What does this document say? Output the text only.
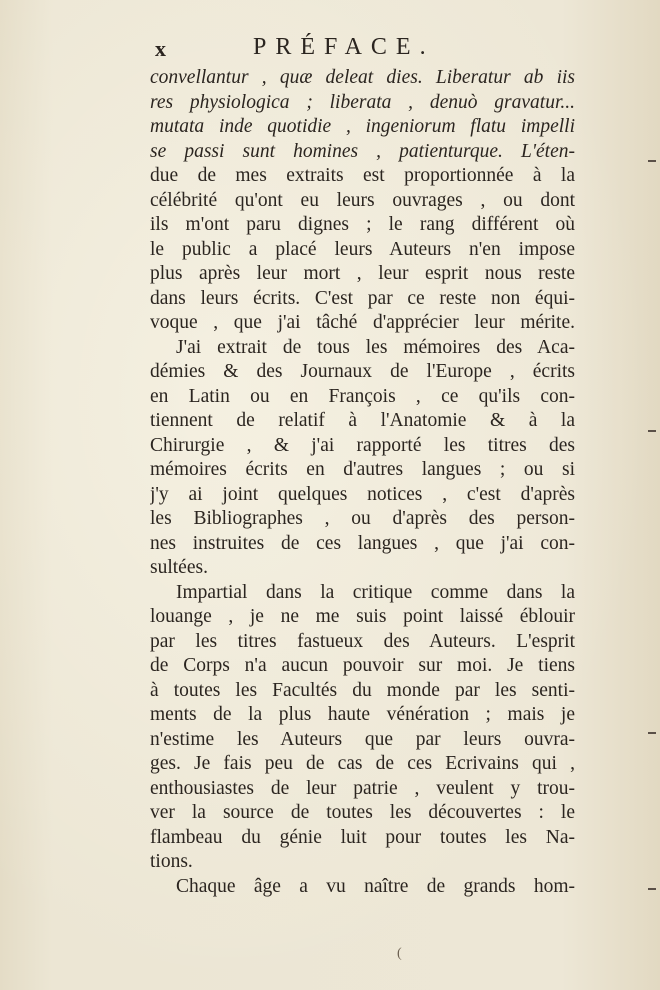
x	PRÉFACE.
convellantur , quæ deleat dies. Liberatur ab iis
res physiologica ; liberata , denuò gravatur...
mutata inde quotidie , ingeniorum flatu impelli
se passi sunt homines , patienturque. L'éten-
due de mes extraits est proportionnée à la
célébrité qu'ont eu leurs ouvrages , ou dont
ils m'ont paru dignes ; le rang différent où
le public a placé leurs Auteurs n'en impose
plus après leur mort , leur esprit nous reste
dans leurs écrits. C'est par ce reste non équi-
voque , que j'ai tâché d'apprécier leur mérite.
J'ai extrait de tous les mémoires des Aca-
démies & des Journaux de l'Europe , écrits
en Latin ou en François , ce qu'ils con-
tiennent de relatif à l'Anatomie & à la
Chirurgie , & j'ai rapporté les titres des
mémoires écrits en d'autres langues ; ou si
j'y ai joint quelques notices , c'est d'après
les Bibliographes , ou d'après des person-
nes instruites de ces langues , que j'ai con-
sultées.
Impartial dans la critique comme dans la
louange , je ne me suis point laissé éblouir
par les titres fastueux des Auteurs. L'esprit
de Corps n'a aucun pouvoir sur moi. Je tiens
à toutes les Facultés du monde par les senti-
ments de la plus haute vénération ; mais je
n'estime les Auteurs que par leurs ouvra-
ges. Je fais peu de cas de ces Ecrivains qui ,
enthousiastes de leur patrie , veulent y trou-
ver la source de toutes les découvertes : le
flambeau du génie luit pour toutes les Na-
tions.
Chaque âge a vu naître de grands hom-
(
